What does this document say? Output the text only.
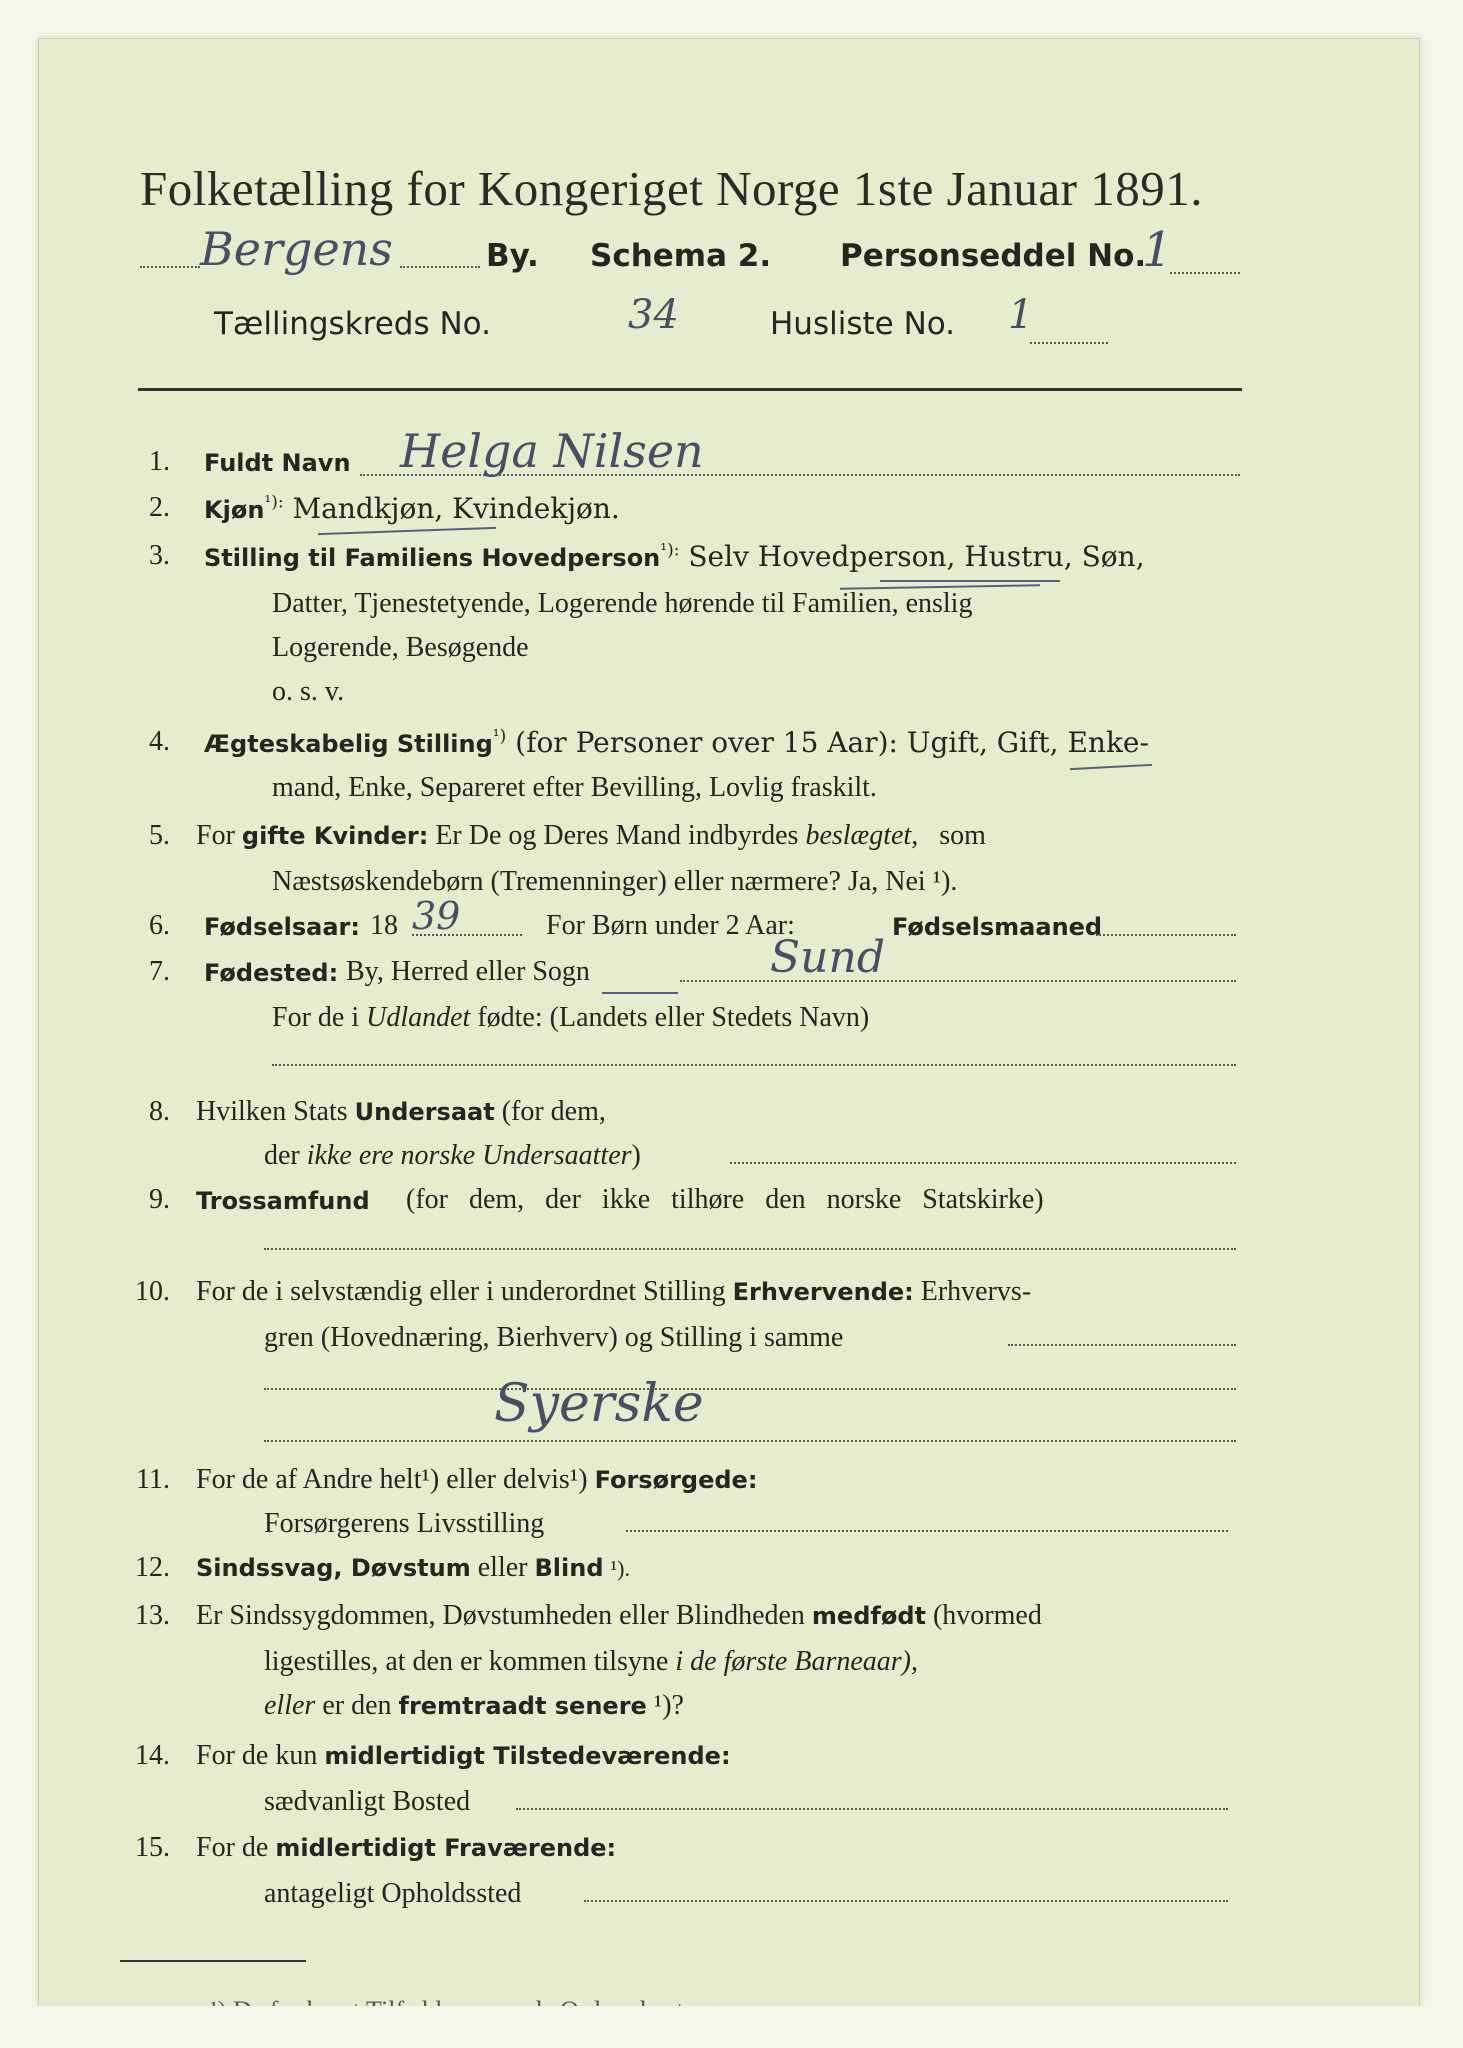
Folketælling for Kongeriget Norge 1ste Januar 1891.
Bergens	By. Schema 2. Personseddel No.
1
Tællingskreds No.	34	Husliste No. 1
1. Fuldt Navn Helga Nilsen
2. Kjøn$^{^1):}$ Mandkjøn, Kvindekjøn.
3. Stilling til Familiens Hovedperson$^{^1):}$ Selv Hovedperson, Hustru, Søn,
Datter, Tjenestetyende, Logerende hørende til Familien, enslig
Logerende, Besøgende
o. s. v.
4. Ægteskabelig Stilling$^{^1)}$ (for Personer over 15 Aar): Ugift, Gift, Enke-
mand, Enke, Separeret efter Bevilling, Lovlig fraskilt.
5. For gifte Kvinder: Er De og Deres Mand indbyrdes beslægtet, som
Næstsøskendebørn (Tremenninger) eller nærmere? Ja, Nei ¹).
6. Fødselsaar: 18 39	For Børn under 2 Aar:	Fødselsmaaned
7. Fødested: By, Herred eller Sogn	Sund
For de i Udlandet fødte: (Landets eller Stedets Navn)
8. Hvilken Stats Undersaat (for dem,
der ikke ere norske Undersaatter)
9. Trossamfund (for dem, der ikke tilhøre den norske Statskirke)
10. For de i selvstændig eller i underordnet Stilling Erhvervende: Erhvervs-
gren (Hovednæring, Bierhverv) og Stilling i samme
Syerske
11. For de af Andre helt¹) eller delvis¹) Forsørgede:
Forsørgerens Livsstilling
12. Sindssvag, Døvstum eller Blind ¹).
13. Er Sindssygdommen, Døvstumheden eller Blindheden medfødt (hvormed
ligestilles, at den er kommen tilsyne i de første Barneaar),
eller er den fremtraadt senere ¹)?
14. For de kun midlertidigt Tilstedeværende:
sædvanligt Bosted
15. For de midlertidigt Fraværende:
antageligt Opholdssted
